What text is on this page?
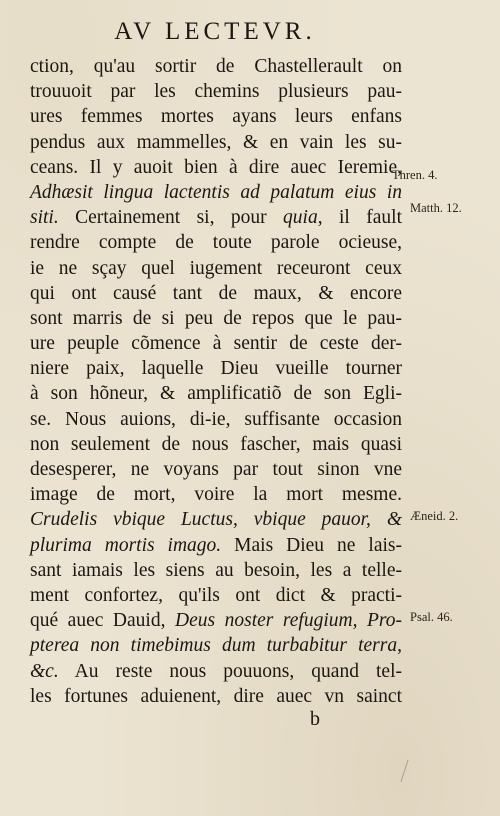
AV LECTEVR.
ction, qu'au sortir de Chastellerault on
trouuoit par les chemins plusieurs pau-
ures femmes mortes ayans leurs enfans
pendus aux mammelles, & en vain les su-
ceans. Il y auoit bien à dire auec Ieremie,
Adhæsit lingua lactentis ad palatum eius in
siti. Certainement si, pour quia, il fault
rendre compte de toute parole ocieuse,
ie ne sçay quel iugement receuront ceux
qui ont causé tant de maux, & encore
sont marris de si peu de repos que le pau-
ure peuple cõmence à sentir de ceste der-
niere paix, laquelle Dieu vueille tourner
à son hõneur, & amplificatiõ de son Egli-
se. Nous auions, di-ie, suffisante occasion
non seulement de nous fascher, mais quasi
desesperer, ne voyans par tout sinon vne
image de mort, voire la mort mesme.
Crudelis vbique Luctus, vbique pauor, &
plurima mortis imago. Mais Dieu ne lais-
sant iamais les siens au besoin, les a telle-
ment confortez, qu'ils ont dict & practi-
qué auec Dauid, Deus noster refugium, Pro-
pterea non timebimus dum turbabitur terra,
&c. Au reste nous pouuons, quand tel-
les fortunes aduienent, dire auec vn sainct
Thren. 4.
Matth. 12.
Æneid. 2.
Psal. 46.
b
